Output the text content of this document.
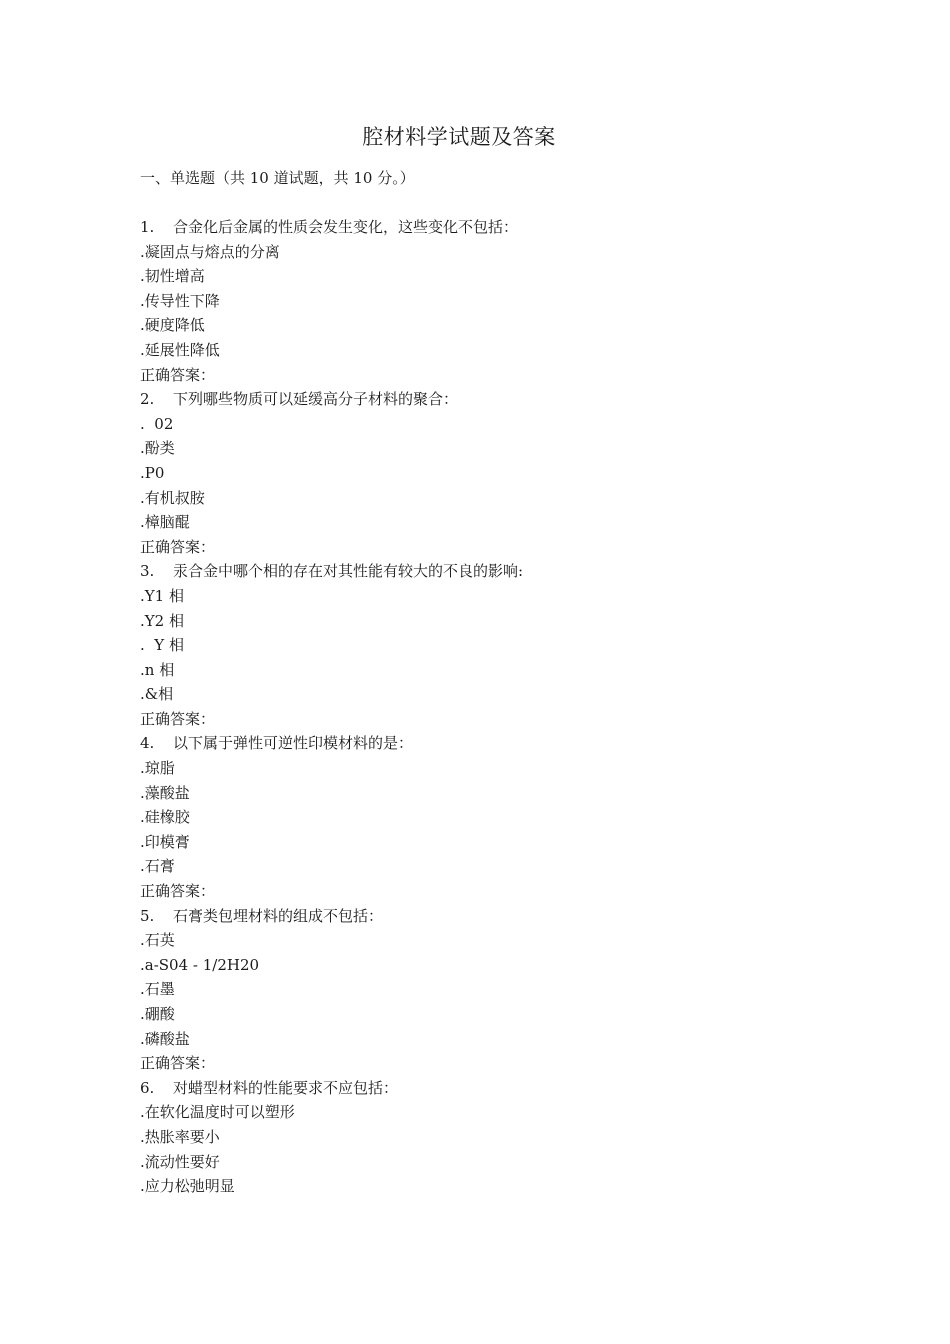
腔材料学试题及答案
一、单选题（共 10 道试题，共 10 分。）
1. 合金化后金属的性质会发生变化，这些变化不包括：
.凝固点与熔点的分离
.韧性增高
.传导性下降
.硬度降低
.延展性降低
正确答案：
2. 下列哪些物质可以延缓高分子材料的聚合：
.  02
.酚类
.P0
.有机叔胺
.樟脑醌
正确答案：
3. 汞合金中哪个相的存在对其性能有较大的不良的影响:
.Y1 相
.Y2 相
.  Y 相
.n 相
.&相
正确答案：
4. 以下属于弹性可逆性印模材料的是：
.琼脂
.藻酸盐
.硅橡胶
.印模膏
.石膏
正确答案：
5. 石膏类包埋材料的组成不包括：
.石英
.a-S04 - 1/2H20
.石墨
.硼酸
.磷酸盐
正确答案：
6. 对蜡型材料的性能要求不应包括：
.在软化温度时可以塑形
.热胀率要小
.流动性要好
.应力松弛明显
